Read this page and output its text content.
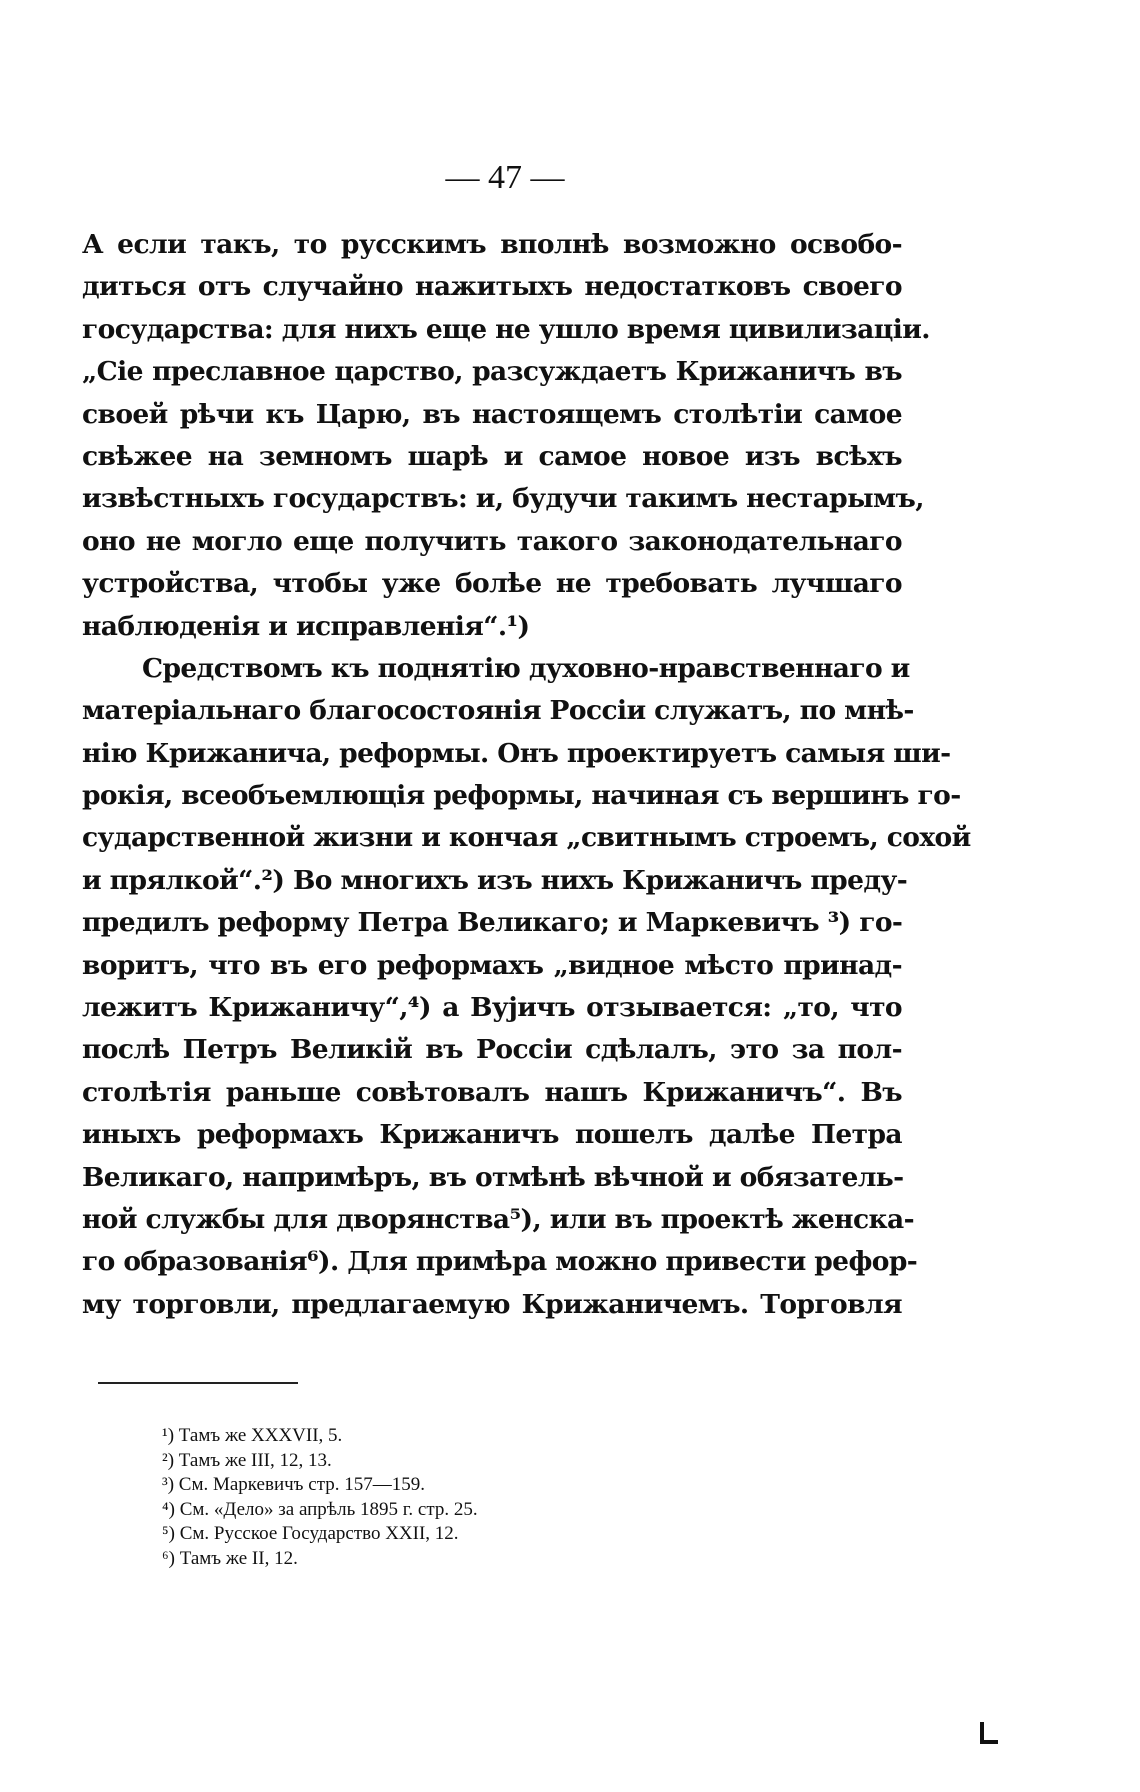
— 47 —
А если такъ, то русскимъ вполнѣ возможно освобо-
диться отъ случайно нажитыхъ недостатковъ своего
государства: для нихъ еще не ушло время цивилизаціи.
„Сіе преславное царство, разсуждаетъ Крижаничъ въ
своей рѣчи къ Царю, въ настоящемъ столѣтіи самое
свѣжее на земномъ шарѣ и самое новое изъ всѣхъ
извѣстныхъ государствъ: и, будучи такимъ нестарымъ,
оно не могло еще получить такого законодательнаго
устройства, чтобы уже болѣе не требовать лучшаго
наблюденія и исправленія“.¹)
Средствомъ къ поднятію духовно-нравственнаго и
матеріальнаго благосостоянія Россіи служатъ, по мнѣ-
нію Крижанича, реформы. Онъ проектируетъ самыя ши-
рокія, всеобъемлющія реформы, начиная съ вершинъ го-
сударственной жизни и кончая „свитнымъ строемъ, сохой
и прялкой“.²) Во многихъ изъ нихъ Крижаничъ преду-
предилъ реформу Петра Великаго; и Маркевичъ ³) го-
воритъ, что въ его реформахъ „видное мѣсто принад-
лежитъ Крижаничу“,⁴) а Вујичъ отзывается: „то, что
послѣ Петръ Великій въ Россіи сдѣлалъ, это за пол-
столѣтія раньше совѣтовалъ нашъ Крижаничъ“. Въ
иныхъ реформахъ Крижаничъ пошелъ далѣе Петра
Великаго, напримѣръ, въ отмѣнѣ вѣчной и обязатель-
ной службы для дворянства⁵), или въ проектѣ женска-
го образованія⁶). Для примѣра можно привести рефор-
му торговли, предлагаемую Крижаничемъ. Торговля
¹) Тамъ же XXXVII, 5.
²) Тамъ же III, 12, 13.
³) См. Маркевичъ стр. 157—159.
⁴) См. «Дело» за апрѣль 1895 г. стр. 25.
⁵) См. Русское Государство XXII, 12.
⁶) Тамъ же II, 12.
